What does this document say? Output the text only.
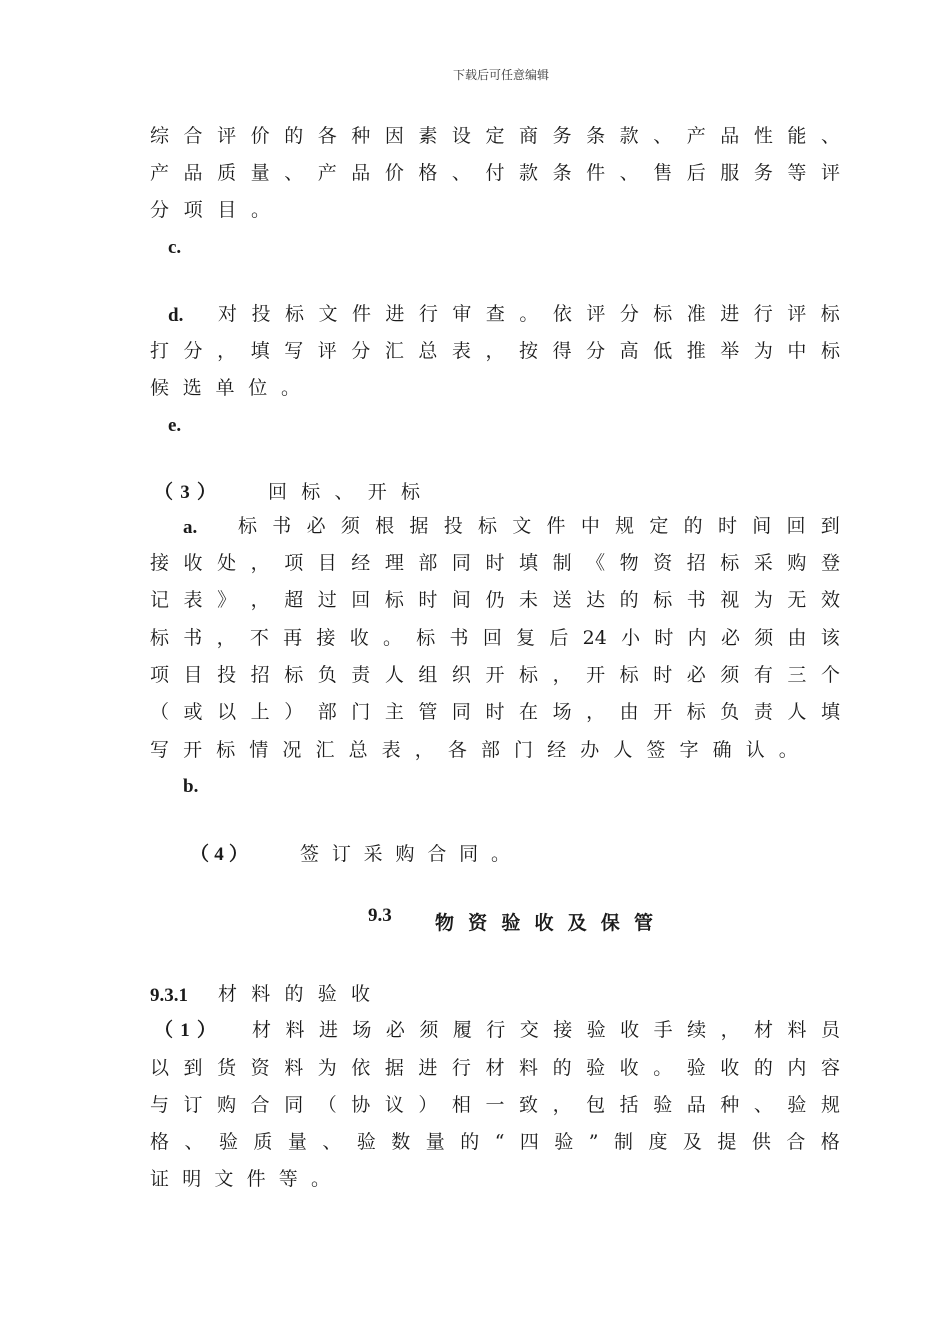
下载后可任意编辑
综 合 评 价 的 各 种 因 素 设 定 商 务 条 款 、 产 品 性 能 、
产 品 质 量 、 产 品 价 格 、 付 款 条 件 、 售 后 服 务 等 评
分 项 目 。
c.
d. 对 投 标 文 件 进 行 审 查 。 依 评 分 标 准 进 行 评 标
打 分 ， 填 写 评 分 汇 总 表 ， 按 得 分 高 低 推 举 为 中 标
候 选 单 位 。
e.
（ 3 ）	回 标 、 开 标
a. 标 书 必 须 根 据 投 标 文 件 中 规 定 的 时 间 回 到
接 收 处 ， 项 目 经 理 部 同 时 填 制 《 物 资 招 标 采 购 登
记 表 》 ， 超 过 回 标 时 间 仍 未 送 达 的 标 书 视 为 无 效
标 书 ， 不 再 接 收 。 标 书 回 复 后 24 小 时 内 必 须 由 该
项 目 投 招 标 负 责 人 组 织 开 标 ， 开 标 时 必 须 有 三 个
（ 或 以 上 ） 部 门 主 管 同 时 在 场 ， 由 开 标 负 责 人 填
写 开 标 情 况 汇 总 表 ， 各 部 门 经 办 人 签 字 确 认 。
b.
（ 4 ）	签 订 采 购 合 同 。
9.3 物 资 验 收 及 保 管
9.3.1 材 料 的 验 收
（ 1 ） 材 料 进 场 必 须 履 行 交 接 验 收 手 续 ， 材 料 员
以 到 货 资 料 为 依 据 进 行 材 料 的 验 收 。 验 收 的 内 容
与 订 购 合 同 （ 协 议 ） 相 一 致 ， 包 括 验 品 种 、 验 规
格 、 验 质 量 、 验 数 量 的 “ 四 验 ” 制 度 及 提 供 合 格
证 明 文 件 等 。
